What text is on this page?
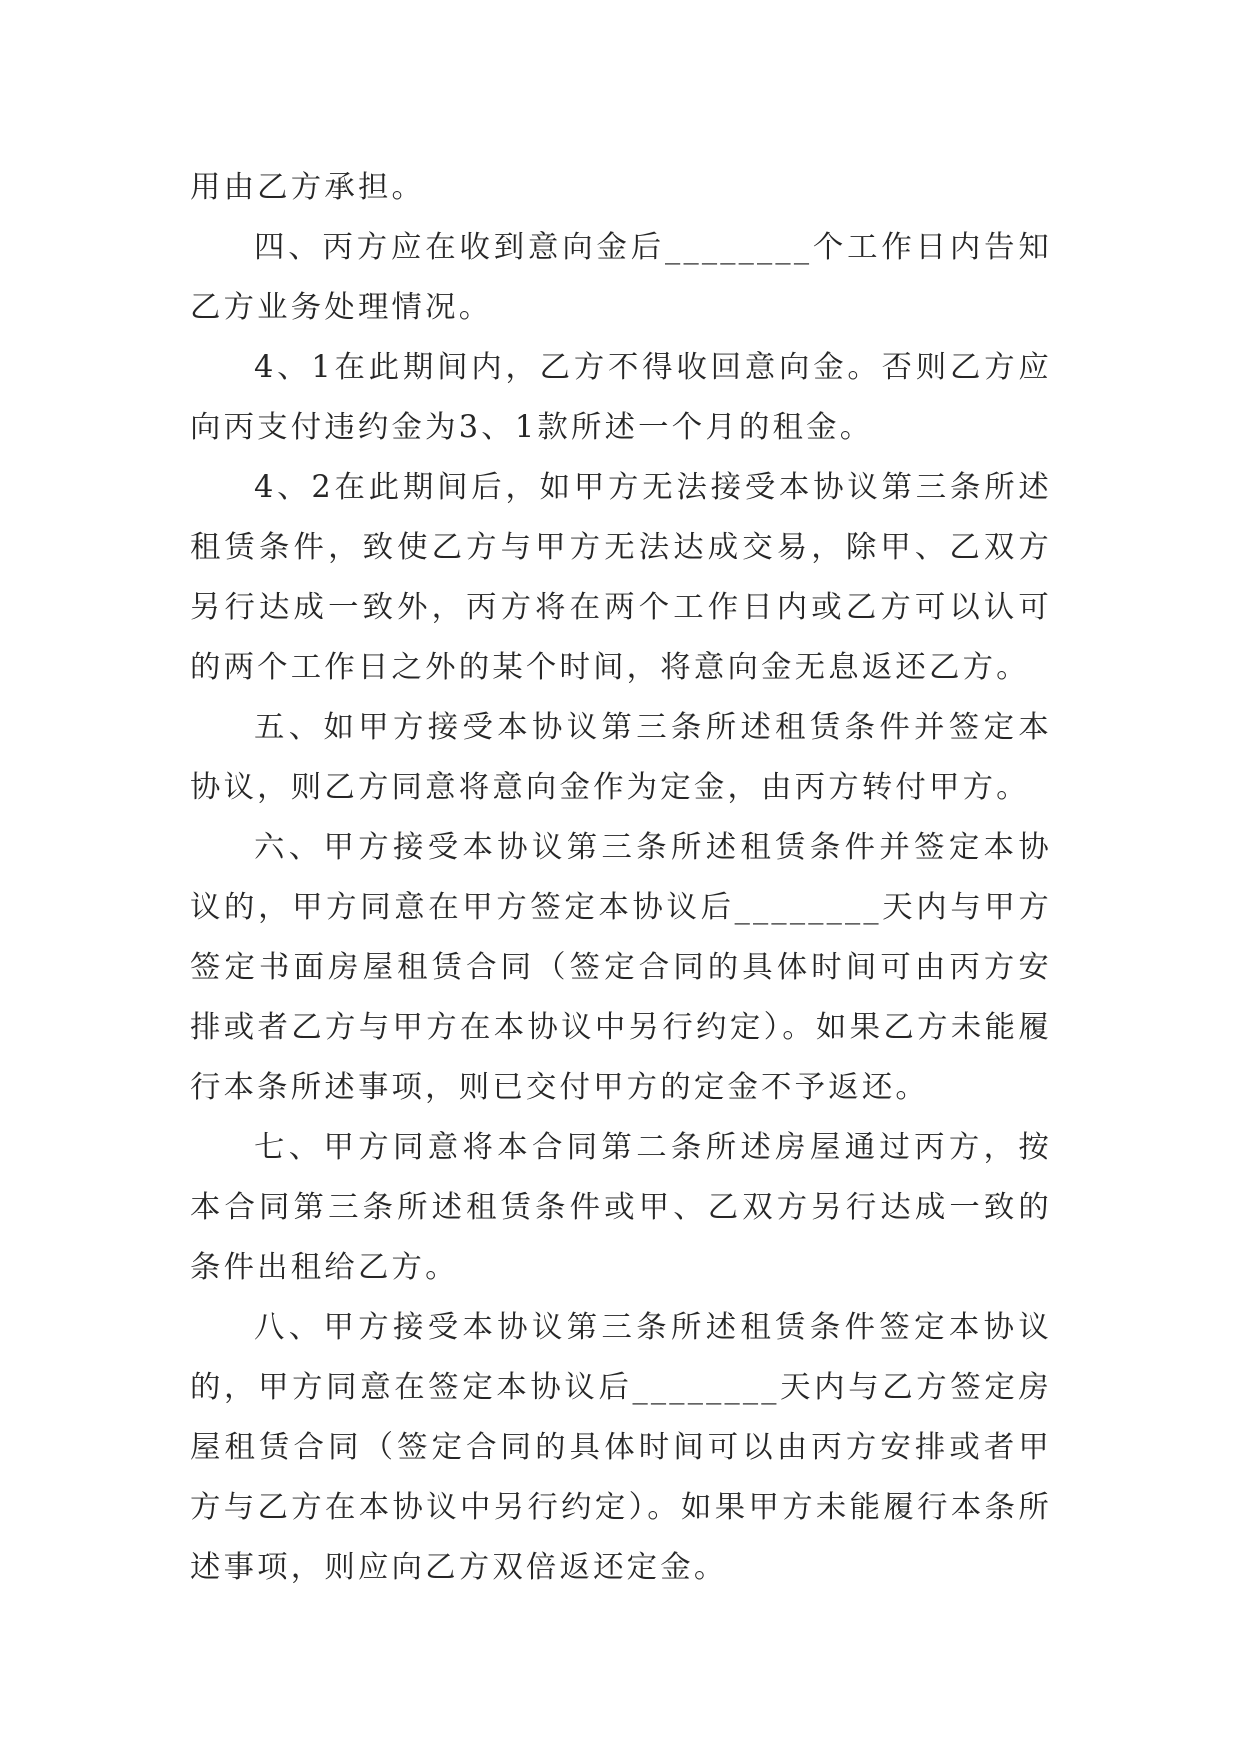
用由乙方承担。

四、丙方应在收到意向金后________个工作日内告知乙方业务处理情况。

4、1在此期间内，乙方不得收回意向金。否则乙方应向丙支付违约金为3、1款所述一个月的租金。

4、2在此期间后，如甲方无法接受本协议第三条所述租赁条件，致使乙方与甲方无法达成交易，除甲、乙双方另行达成一致外，丙方将在两个工作日内或乙方可以认可的两个工作日之外的某个时间，将意向金无息返还乙方。

五、如甲方接受本协议第三条所述租赁条件并签定本协议，则乙方同意将意向金作为定金，由丙方转付甲方。

六、甲方接受本协议第三条所述租赁条件并签定本协议的，甲方同意在甲方签定本协议后________天内与甲方签定书面房屋租赁合同（签定合同的具体时间可由丙方安排或者乙方与甲方在本协议中另行约定）。如果乙方未能履行本条所述事项，则已交付甲方的定金不予返还。

七、甲方同意将本合同第二条所述房屋通过丙方，按本合同第三条所述租赁条件或甲、乙双方另行达成一致的条件出租给乙方。

八、甲方接受本协议第三条所述租赁条件签定本协议的，甲方同意在签定本协议后________天内与乙方签定房屋租赁合同（签定合同的具体时间可以由丙方安排或者甲方与乙方在本协议中另行约定）。如果甲方未能履行本条所述事项，则应向乙方双倍返还定金。
